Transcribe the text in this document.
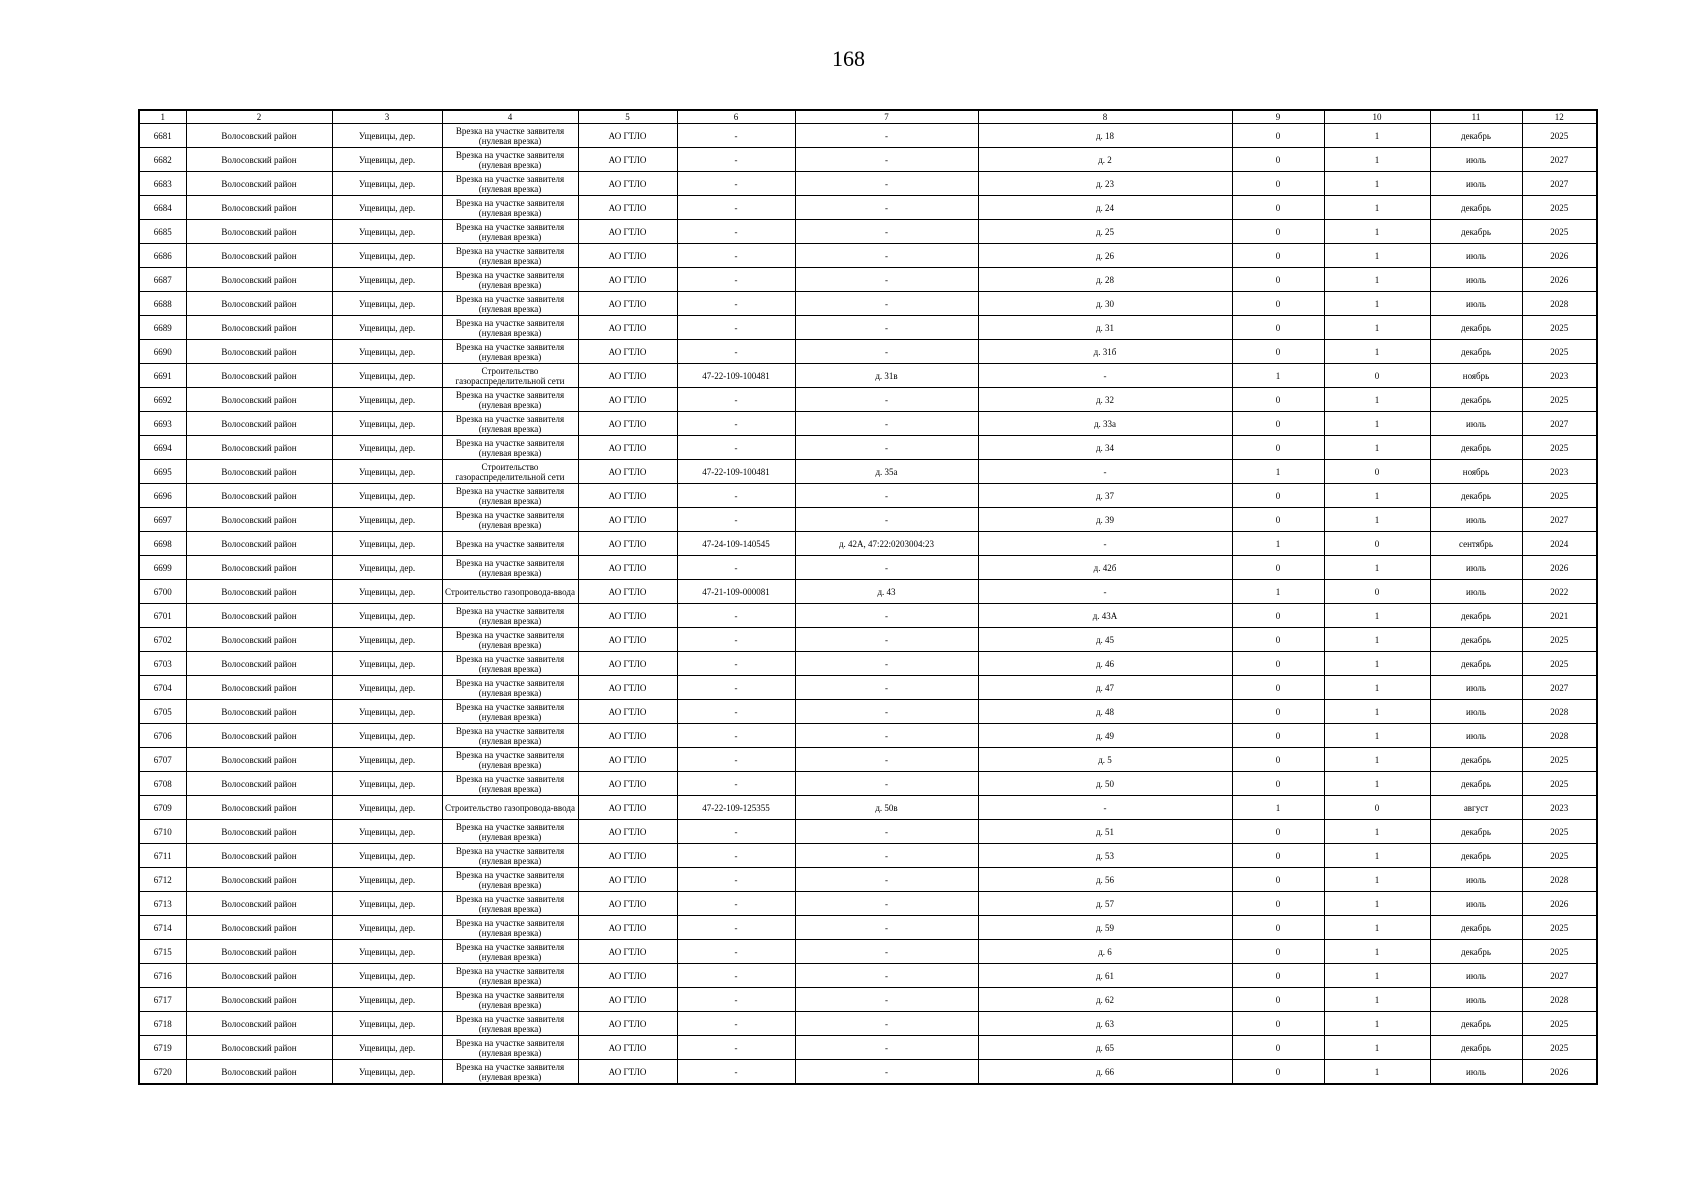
168
1	2	3	4	5	6	7	8	9	10	11	12
6681	Волосовский район	Ущевицы, дер.	Врезка на участке заявителя (нулевая врезка)	АО ГТЛО	-	-	д. 18	0	1	декабрь	2025
6682	Волосовский район	Ущевицы, дер.	Врезка на участке заявителя (нулевая врезка)	АО ГТЛО	-	-	д. 2	0	1	июль	2027
6683	Волосовский район	Ущевицы, дер.	Врезка на участке заявителя (нулевая врезка)	АО ГТЛО	-	-	д. 23	0	1	июль	2027
6684	Волосовский район	Ущевицы, дер.	Врезка на участке заявителя (нулевая врезка)	АО ГТЛО	-	-	д. 24	0	1	декабрь	2025
6685	Волосовский район	Ущевицы, дер.	Врезка на участке заявителя (нулевая врезка)	АО ГТЛО	-	-	д. 25	0	1	декабрь	2025
6686	Волосовский район	Ущевицы, дер.	Врезка на участке заявителя (нулевая врезка)	АО ГТЛО	-	-	д. 26	0	1	июль	2026
6687	Волосовский район	Ущевицы, дер.	Врезка на участке заявителя (нулевая врезка)	АО ГТЛО	-	-	д. 28	0	1	июль	2026
6688	Волосовский район	Ущевицы, дер.	Врезка на участке заявителя (нулевая врезка)	АО ГТЛО	-	-	д. 30	0	1	июль	2028
6689	Волосовский район	Ущевицы, дер.	Врезка на участке заявителя (нулевая врезка)	АО ГТЛО	-	-	д. 31	0	1	декабрь	2025
6690	Волосовский район	Ущевицы, дер.	Врезка на участке заявителя (нулевая врезка)	АО ГТЛО	-	-	д. 31б	0	1	декабрь	2025
6691	Волосовский район	Ущевицы, дер.	Строительство газораспределительной сети	АО ГТЛО	47-22-109-100481	д. 31в	-	1	0	ноябрь	2023
6692	Волосовский район	Ущевицы, дер.	Врезка на участке заявителя (нулевая врезка)	АО ГТЛО	-	-	д. 32	0	1	декабрь	2025
6693	Волосовский район	Ущевицы, дер.	Врезка на участке заявителя (нулевая врезка)	АО ГТЛО	-	-	д. 33а	0	1	июль	2027
6694	Волосовский район	Ущевицы, дер.	Врезка на участке заявителя (нулевая врезка)	АО ГТЛО	-	-	д. 34	0	1	декабрь	2025
6695	Волосовский район	Ущевицы, дер.	Строительство газораспределительной сети	АО ГТЛО	47-22-109-100481	д. 35а	-	1	0	ноябрь	2023
6696	Волосовский район	Ущевицы, дер.	Врезка на участке заявителя (нулевая врезка)	АО ГТЛО	-	-	д. 37	0	1	декабрь	2025
6697	Волосовский район	Ущевицы, дер.	Врезка на участке заявителя (нулевая врезка)	АО ГТЛО	-	-	д. 39	0	1	июль	2027
6698	Волосовский район	Ущевицы, дер.	Врезка на участке заявителя	АО ГТЛО	47-24-109-140545	д. 42А, 47:22:0203004:23	-	1	0	сентябрь	2024
6699	Волосовский район	Ущевицы, дер.	Врезка на участке заявителя (нулевая врезка)	АО ГТЛО	-	-	д. 42б	0	1	июль	2026
6700	Волосовский район	Ущевицы, дер.	Строительство газопровода-ввода	АО ГТЛО	47-21-109-000081	д. 43	-	1	0	июль	2022
6701	Волосовский район	Ущевицы, дер.	Врезка на участке заявителя (нулевая врезка)	АО ГТЛО	-	-	д. 43А	0	1	декабрь	2021
6702	Волосовский район	Ущевицы, дер.	Врезка на участке заявителя (нулевая врезка)	АО ГТЛО	-	-	д. 45	0	1	декабрь	2025
6703	Волосовский район	Ущевицы, дер.	Врезка на участке заявителя (нулевая врезка)	АО ГТЛО	-	-	д. 46	0	1	декабрь	2025
6704	Волосовский район	Ущевицы, дер.	Врезка на участке заявителя (нулевая врезка)	АО ГТЛО	-	-	д. 47	0	1	июль	2027
6705	Волосовский район	Ущевицы, дер.	Врезка на участке заявителя (нулевая врезка)	АО ГТЛО	-	-	д. 48	0	1	июль	2028
6706	Волосовский район	Ущевицы, дер.	Врезка на участке заявителя (нулевая врезка)	АО ГТЛО	-	-	д. 49	0	1	июль	2028
6707	Волосовский район	Ущевицы, дер.	Врезка на участке заявителя (нулевая врезка)	АО ГТЛО	-	-	д. 5	0	1	декабрь	2025
6708	Волосовский район	Ущевицы, дер.	Врезка на участке заявителя (нулевая врезка)	АО ГТЛО	-	-	д. 50	0	1	декабрь	2025
6709	Волосовский район	Ущевицы, дер.	Строительство газопровода-ввода	АО ГТЛО	47-22-109-125355	д. 50в	-	1	0	август	2023
6710	Волосовский район	Ущевицы, дер.	Врезка на участке заявителя (нулевая врезка)	АО ГТЛО	-	-	д. 51	0	1	декабрь	2025
6711	Волосовский район	Ущевицы, дер.	Врезка на участке заявителя (нулевая врезка)	АО ГТЛО	-	-	д. 53	0	1	декабрь	2025
6712	Волосовский район	Ущевицы, дер.	Врезка на участке заявителя (нулевая врезка)	АО ГТЛО	-	-	д. 56	0	1	июль	2028
6713	Волосовский район	Ущевицы, дер.	Врезка на участке заявителя (нулевая врезка)	АО ГТЛО	-	-	д. 57	0	1	июль	2026
6714	Волосовский район	Ущевицы, дер.	Врезка на участке заявителя (нулевая врезка)	АО ГТЛО	-	-	д. 59	0	1	декабрь	2025
6715	Волосовский район	Ущевицы, дер.	Врезка на участке заявителя (нулевая врезка)	АО ГТЛО	-	-	д. 6	0	1	декабрь	2025
6716	Волосовский район	Ущевицы, дер.	Врезка на участке заявителя (нулевая врезка)	АО ГТЛО	-	-	д. 61	0	1	июль	2027
6717	Волосовский район	Ущевицы, дер.	Врезка на участке заявителя (нулевая врезка)	АО ГТЛО	-	-	д. 62	0	1	июль	2028
6718	Волосовский район	Ущевицы, дер.	Врезка на участке заявителя (нулевая врезка)	АО ГТЛО	-	-	д. 63	0	1	декабрь	2025
6719	Волосовский район	Ущевицы, дер.	Врезка на участке заявителя (нулевая врезка)	АО ГТЛО	-	-	д. 65	0	1	декабрь	2025
6720	Волосовский район	Ущевицы, дер.	Врезка на участке заявителя (нулевая врезка)	АО ГТЛО	-	-	д. 66	0	1	июль	2026
